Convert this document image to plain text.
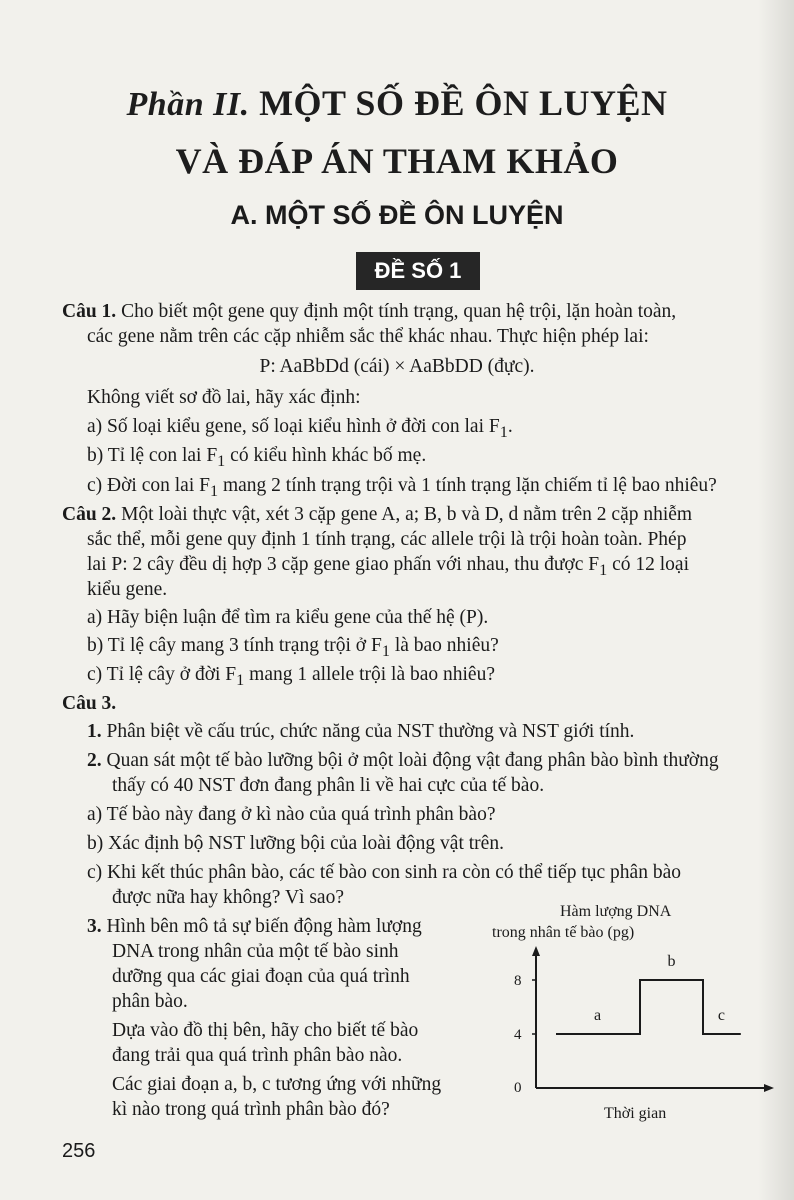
Phần II. MỘT SỐ ĐỀ ÔN LUYỆN
VÀ ĐÁP ÁN THAM KHẢO
A. MỘT SỐ ĐỀ ÔN LUYỆN
ĐỀ SỐ 1
Câu 1. Cho biết một gene quy định một tính trạng, quan hệ trội, lặn hoàn toàn,
các gene nằm trên các cặp nhiễm sắc thể khác nhau. Thực hiện phép lai:
P: AaBbDd (cái) × AaBbDD (đực).
Không viết sơ đồ lai, hãy xác định:
a) Số loại kiểu gene, số loại kiểu hình ở đời con lai $F_1$.
b) Tỉ lệ con lai $F_1$ có kiểu hình khác bố mẹ.
c) Đời con lai $F_1$ mang 2 tính trạng trội và 1 tính trạng lặn chiếm tỉ lệ bao nhiêu?
Câu 2. Một loài thực vật, xét 3 cặp gene A, a; B, b và D, d nằm trên 2 cặp nhiễm
sắc thể, mỗi gene quy định 1 tính trạng, các allele trội là trội hoàn toàn. Phép
lai P: 2 cây đều dị hợp 3 cặp gene giao phấn với nhau, thu được $F_1$ có 12 loại
kiểu gene.
a) Hãy biện luận để tìm ra kiểu gene của thế hệ (P).
b) Tỉ lệ cây mang 3 tính trạng trội ở $F_1$ là bao nhiêu?
c) Tỉ lệ cây ở đời $F_1$ mang 1 allele trội là bao nhiêu?
Câu 3.
1. Phân biệt về cấu trúc, chức năng của NST thường và NST giới tính.
2. Quan sát một tế bào lưỡng bội ở một loài động vật đang phân bào bình thường
thấy có 40 NST đơn đang phân li về hai cực của tế bào.
a) Tế bào này đang ở kì nào của quá trình phân bào?
b) Xác định bộ NST lưỡng bội của loài động vật trên.
c) Khi kết thúc phân bào, các tế bào con sinh ra còn có thể tiếp tục phân bào
được nữa hay không? Vì sao?
3. Hình bên mô tả sự biến động hàm lượng
DNA trong nhân của một tế bào sinh
dưỡng qua các giai đoạn của quá trình
phân bào.
Dựa vào đồ thị bên, hãy cho biết tế bào
đang trải qua quá trình phân bào nào.
Các giai đoạn a, b, c tương ứng với những
kì nào trong quá trình phân bào đó?
Hàm lượng DNA
trong nhân tế bào (pg)
0
4
8
a
b
c
Thời gian
256
